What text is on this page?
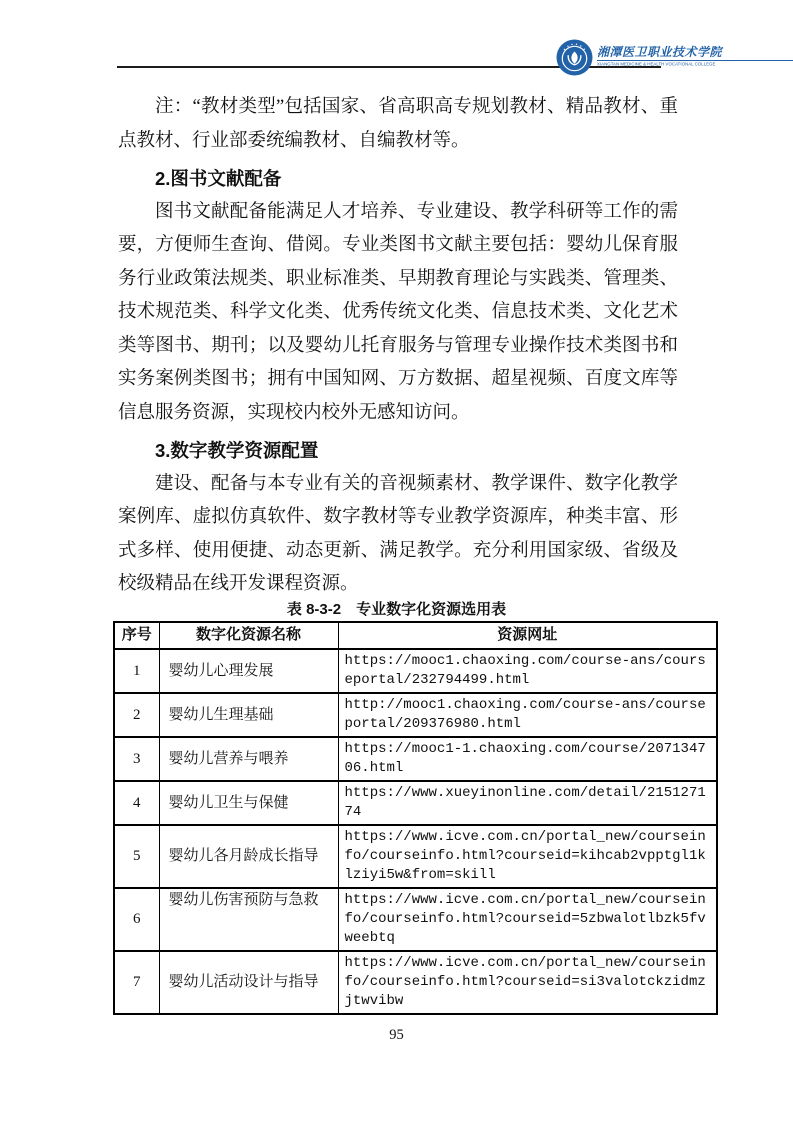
湘潭医卫职业技术学院
XIANGTAN MEDICINE & HEALTH VOCATIONAL COLLEGE

注：“教材类型”包括国家、省高职高专规划教材、精品教材、重点教材、行业部委统编教材、自编教材等。

2.图书文献配备

图书文献配备能满足人才培养、专业建设、教学科研等工作的需要，方便师生查询、借阅。专业类图书文献主要包括：婴幼儿保育服务行业政策法规类、职业标准类、早期教育理论与实践类、管理类、技术规范类、科学文化类、优秀传统文化类、信息技术类、文化艺术类等图书、期刊；以及婴幼儿托育服务与管理专业操作技术类图书和实务案例类图书；拥有中国知网、万方数据、超星视频、百度文库等信息服务资源，实现校内校外无感知访问。

3.数字教学资源配置

建设、配备与本专业有关的音视频素材、教学课件、数字化教学案例库、虚拟仿真软件、数字教材等专业教学资源库，种类丰富、形式多样、使用便捷、动态更新、满足教学。充分利用国家级、省级及校级精品在线开发课程资源。

表 8-3-2　专业数字化资源选用表
序号	数字化资源名称	资源网址
1	婴幼儿心理发展	https://mooc1.chaoxing.com/course-ans/courseportal/232794499.html
2	婴幼儿生理基础	http://mooc1.chaoxing.com/course-ans/courseportal/209376980.html
3	婴幼儿营养与喂养	https://mooc1-1.chaoxing.com/course/207134706.html
4	婴幼儿卫生与保健	https://www.xueyinonline.com/detail/215127174
5	婴幼儿各月龄成长指导	https://www.icve.com.cn/portal_new/courseinfo/courseinfo.html?courseid=kihcab2vpptgl1klziyi5w&from=skill
6	婴幼儿伤害预防与急救	https://www.icve.com.cn/portal_new/courseinfo/courseinfo.html?courseid=5zbwalotlbzk5fvweebtq
7	婴幼儿活动设计与指导	https://www.icve.com.cn/portal_new/courseinfo/courseinfo.html?courseid=si3valotckzidmzjtwvibw
95
